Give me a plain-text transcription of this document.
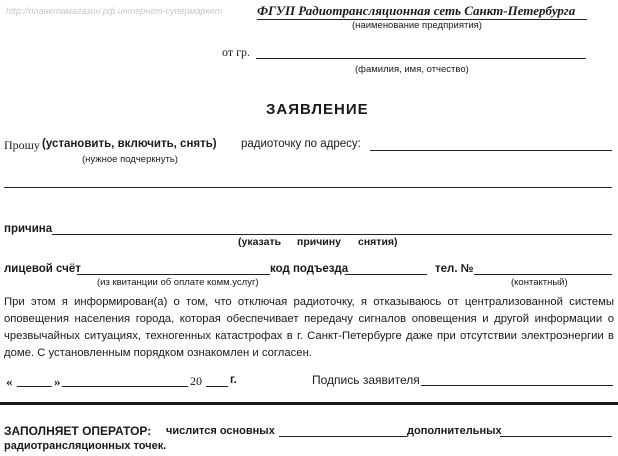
http://планетамагазин.рф интернет-супермаркет	ФГУП Радиотрансляционная сеть Санкт-Петербурга
(наименование предприятия)
от гр.
(фамилия, имя, отчество)
ЗАЯВЛЕНИЕ
Прошу (установить, включить, снять) радиоточку по адресу:
(нужное подчеркнуть)
причина
(указать причину снятия)
лицевой счёт
(из квитанции об оплате комм.услуг)
код подъезда	тел. №
(контактный)
При этом я информирован(а) о том, что отключая радиоточку, я отказываюсь от централизованной системы оповещения населения города, которая обеспечивает передачу сигналов оповещения и другой информации о чрезвычайных ситуациях, техногенных катастрофах в г. Санкт-Петербурге даже при отсутствии электроэнергии в доме. С установленным порядком ознакомлен и согласен.
«	»	20 г.	Подпись заявителя
ЗАПОЛНЯЕТ ОПЕРАТОР: числится основных	дополнительных
радиотрансляционных точек.
